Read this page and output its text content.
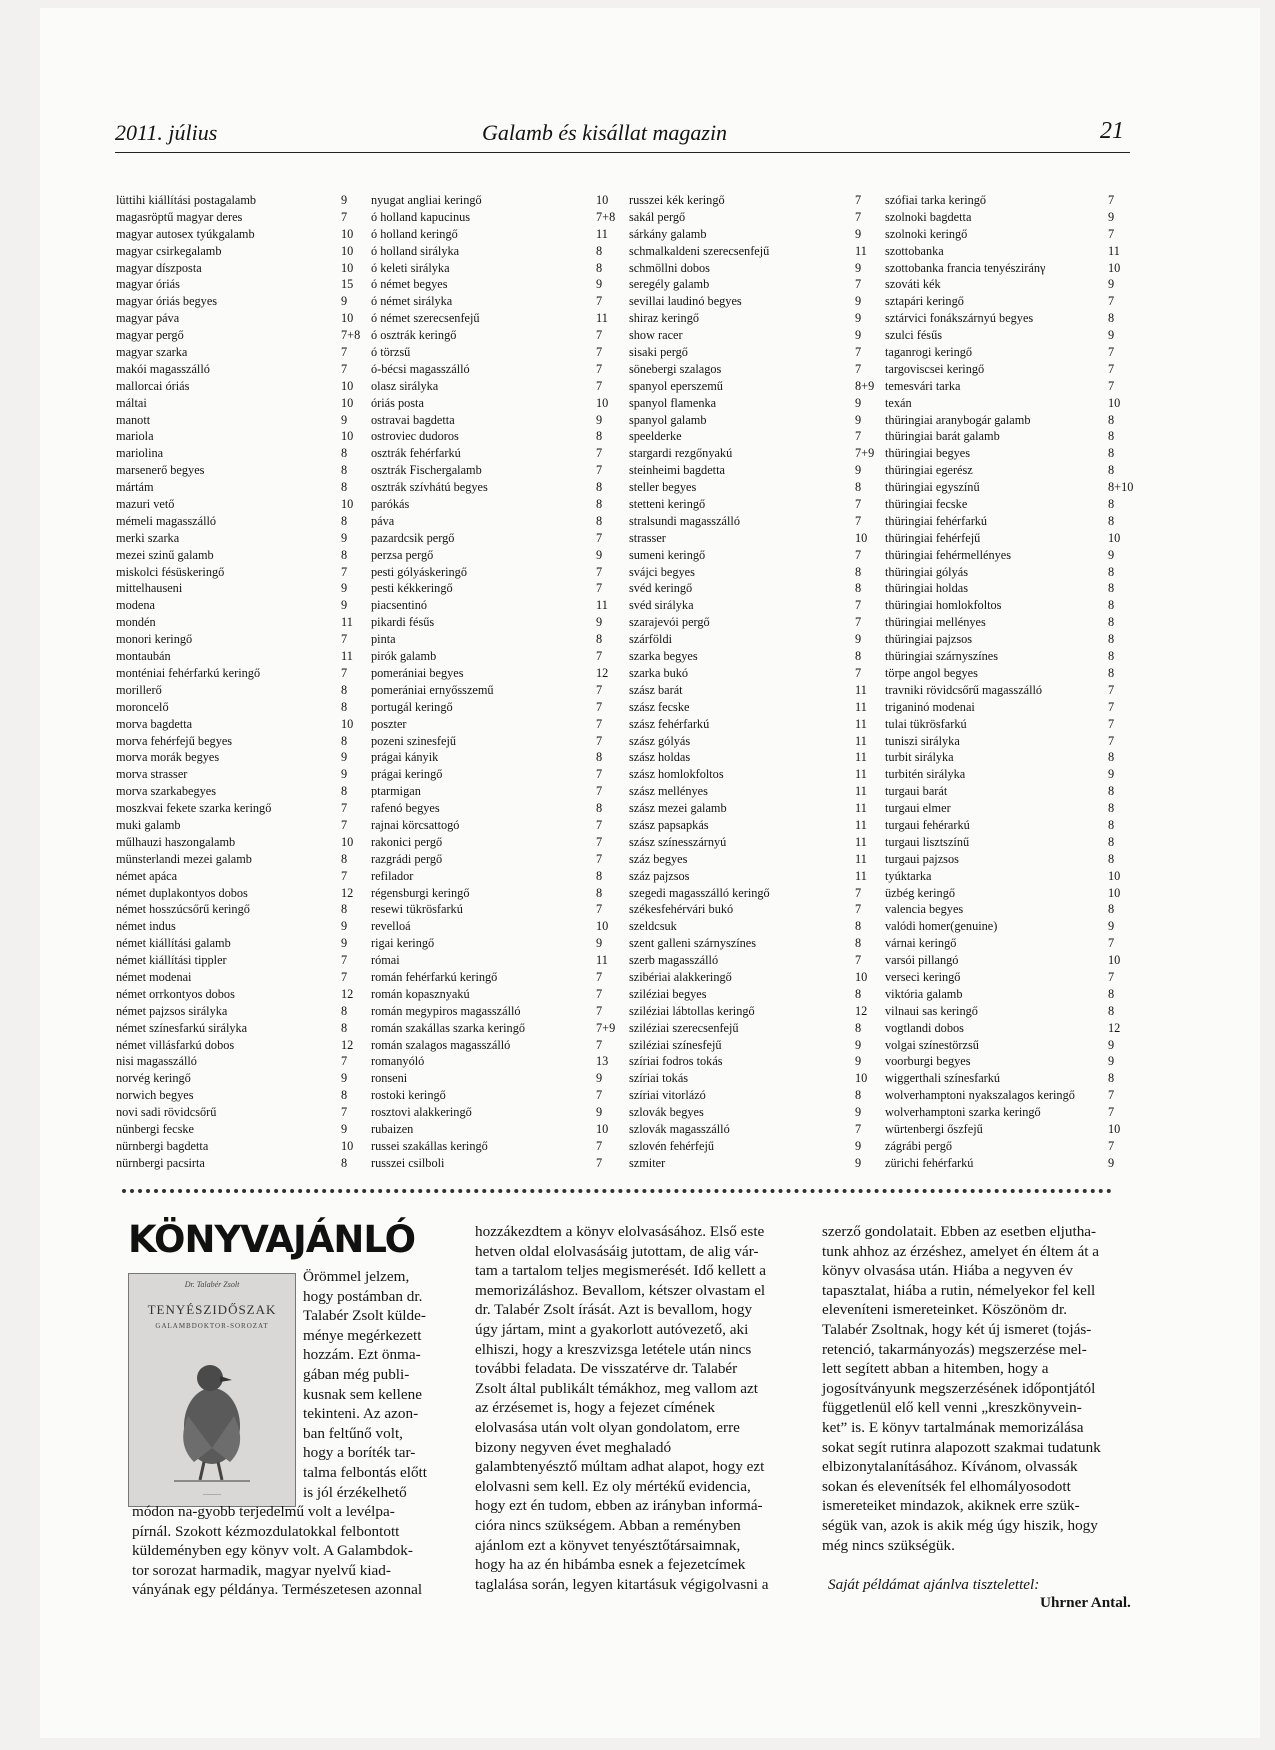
2011. július	Galamb és kisállat magazin	21
lüttihi kiállítási postagalamb	9
magasröptű magyar deres	7
magyar autosex tyúkgalamb	10
magyar csirkegalamb	10
magyar díszposta	10
magyar óriás	15
magyar óriás begyes	9
magyar páva	10
magyar pergő	7+8
magyar szarka	7
makói magasszálló	7
mallorcai óriás	10
máltai	10
manott	9
mariola	10
mariolina	8
marsenerő begyes	8
mártám	8
mazuri vető	10
mémeli magasszálló	8
merki szarka	9
mezei szinű galamb	8
miskolci fésüskeringő	7
mittelhauseni	9
modena	9
mondén	11
monori keringő	7
montaubán	11
monténiai fehérfarkú keringő	7
morillerő	8
moroncelő	8
morva bagdetta	10
morva fehérfejű begyes	8
morva morák begyes	9
morva strasser	9
morva szarkabegyes	8
moszkvai fekete szarka keringő	7
muki galamb	7
műlhauzi haszongalamb	10
münsterlandi mezei galamb	8
német apáca	7
német duplakontyos dobos	12
német hosszúcsőrű keringő	8
német indus	9
német kiállítási galamb	9
német kiállítási tippler	7
német modenai	7
német orrkontyos dobos	12
német pajzsos sirályka	8
német színesfarkú sirályka	8
német villásfarkú dobos	12
nisi magasszálló	7
norvég keringő	9
norwich begyes	8
novi sadi rövidcsőrű	7
nünbergi fecske	9
nürnbergi bagdetta	10
nürnbergi pacsirta	8
nyugat angliai keringő	10
ó holland kapucinus	7+8
ó holland keringő	11
ó holland sirályka	8
ó keleti sirályka	8
ó német begyes	9
ó német sirályka	7
ó német szerecsenfejű	11
ó osztrák keringő	7
ó törzsű	7
ó-bécsi magasszálló	7
olasz sirályka	7
óriás posta	10
ostravai bagdetta	9
ostroviec dudoros	8
osztrák fehérfarkú	7
osztrák Fischergalamb	7
osztrák szívhátú begyes	8
parókás	8
páva	8
pazardcsik pergő	7
perzsa pergő	9
pesti gólyáskeringő	7
pesti kékkeringő	7
piacsentinó	11
pikardi fésűs	9
pinta	8
pirók galamb	7
pomerániai begyes	12
pomerániai ernyősszemű	7
portugál keringő	7
poszter	7
pozeni szinesfejű	7
prágai kányik	8
prágai keringő	7
ptarmigan	7
rafenó begyes	8
rajnai körcsattogó	7
rakonici pergő	7
razgrádi pergő	7
refilador	8
régensburgi keringő	8
resewi tükrösfarkú	7
revelloá	10
rigai keringő	9
római	11
román fehérfarkú keringő	7
román kopasznyakú	7
román megypiros magasszálló	7
román szakállas szarka keringő	7+9
román szalagos magasszálló	7
romanyóló	13
ronseni	9
rostoki keringő	7
rosztovi alakkeringő	9
rubaizen	10
russei szakállas keringő	7
russzei csilboli	7
russzei kék keringő	7
sakál pergő	7
sárkány galamb	9
schmalkaldeni szerecsenfejű	11
schmöllni dobos	9
seregély galamb	7
sevillai laudinó begyes	9
shiraz keringő	9
show racer	9
sisaki pergő	7
sönebergi szalagos	7
spanyol eperszemű	8+9
spanyol flamenka	9
spanyol galamb	9
speelderke	7
stargardi rezgőnyakú	7+9
steinheimi bagdetta	9
steller begyes	8
stetteni keringő	7
stralsundi magasszálló	7
strasser	10
sumeni keringő	7
svájci begyes	8
svéd keringő	8
svéd sirályka	7
szarajevói pergő	7
szárföldi	9
szarka begyes	8
szarka bukó	7
szász barát	11
szász fecske	11
szász fehérfarkú	11
szász gólyás	11
szász holdas	11
szász homlokfoltos	11
szász mellényes	11
szász mezei galamb	11
szász papsapkás	11
szász színesszárnyú	11
száz begyes	11
száz pajzsos	11
szegedi magasszálló keringő	7
székesfehérvári bukó	7
szeldcsuk	8
szent galleni szárnyszínes	8
szerb magasszálló	7
szibériai alakkeringő	10
sziléziai begyes	8
sziléziai lábtollas keringő	12
sziléziai szerecsenfejű	8
sziléziai színesfejű	9
szíriai fodros tokás	9
szíriai tokás	10
szíriai vitorlázó	8
szlovák begyes	9
szlovák magasszálló	7
szlovén fehérfejű	9
szmiter	9
szófiai tarka keringő	7
szolnoki bagdetta	9
szolnoki keringő	7
szottobanka	11
szottobanka francia tenyésziránγ	10
szováti kék	9
sztapári keringő	7
sztárvici fonákszárnyú begyes	8
szulci fésűs	9
taganrogi keringő	7
targoviscsei keringő	7
temesvári tarka	7
texán	10
thüringiai aranybogár galamb	8
thüringiai barát galamb	8
thüringiai begyes	8
thüringiai egerész	8
thüringiai egyszínű	8+10
thüringiai fecske	8
thüringiai fehérfarkú	8
thüringiai fehérfejű	10
thüringiai fehérmellényes	9
thüringiai gólyás	8
thüringiai holdas	8
thüringiai homlokfoltos	8
thüringiai mellényes	8
thüringiai pajzsos	8
thüringiai szárnyszínes	8
törpe angol begyes	8
travniki rövidcsőrű magasszálló	7
triganinó modenai	7
tulai tükrösfarkú	7
tuniszi sirályka	7
turbit sirályka	8
turbitén sirályka	9
turgaui barát	8
turgaui elmer	8
turgaui fehérarkú	8
turgaui lisztszínű	8
turgaui pajzsos	8
tyúktarka	10
üzbég keringő	10
valencia begyes	8
valódi homer(genuine)	9
várnai keringő	7
varsói pillangó	10
verseci keringő	7
viktória galamb	8
vilnaui sas keringő	8
vogtlandi dobos	12
volgai színestörzsű	9
voorburgi begyes	9
wiggerthali színesfarkú	8
wolverhamptoni nyakszalagos keringő	7
wolverhamptoni szarka keringő	7
würtenbergi őszfejű	10
zágrábi pergő	7
zürichi fehérfarkú	9
KÖNYVAJÁNLÓ
Dr. Talabér Zsolt
TENYÉSZIDŐSZAK
GALAMBDOKTOR-SOROZAT
———
Örömmel jelzem,
hogy postámban dr.
Talabér Zsolt külde-
ménye megérkezett
hozzám. Ezt önma-
gában még publi-
kusnak sem kellene
tekinteni. Az azon-
ban feltűnő volt,
hogy a boríték tar-
talma felbontás előtt
is jól érzékelhető
módon na-gyobb terjedelmű volt a levélpa-
pírnál. Szokott kézmozdulatokkal felbontott
küldeményben egy könyv volt. A Galambdok-
tor sorozat harmadik, magyar nyelvű kiad-
ványának egy példánya. Természetesen azonnal
hozzákezdtem a könyv elolvasásához. Első este
hetven oldal elolvasásáig jutottam, de alig vár-
tam a tartalom teljes megismerését. Idő kellett a
memorizáláshoz. Bevallom, kétszer olvastam el
dr. Talabér Zsolt írását. Azt is bevallom, hogy
úgy jártam, mint a gyakorlott autóvezető, aki
elhiszi, hogy a kreszvizsga letétele után nincs
további feladata. De visszatérve dr. Talabér
Zsolt által publikált témákhoz, meg vallom azt
az érzésemet is, hogy a fejezet címének
elolvasása után volt olyan gondolatom, erre
bizony negyven évet meghaladó
galambtenyésztő múltam adhat alapot, hogy ezt
elolvasni sem kell. Ez oly mértékű evidencia,
hogy ezt én tudom, ebben az irányban informá-
cióra nincs szükségem. Abban a reményben
ajánlom ezt a könyvet tenyésztőtársaimnak,
hogy ha az én hibámba esnek a fejezetcímek
taglalása során, legyen kitartásuk végigolvasni a
szerző gondolatait. Ebben az esetben eljutha-
tunk ahhoz az érzéshez, amelyet én éltem át a
könyv olvasása után. Hiába a negyven év
tapasztalat, hiába a rutin, némelyekor fel kell
eleveníteni ismereteinket. Köszönöm dr.
Talabér Zsoltnak, hogy két új ismeret (tojás-
retenció, takarmányozás) megszerzése mel-
lett segített abban a hitemben, hogy a
jogosítványunk megszerzésének időpontjától
függetlenül elő kell venni „kreszkönyvein-
ket” is. E könyv tartalmának memorizálása
sokat segít rutinra alapozott szakmai tudatunk
elbizonytalanításához. Kívánom, olvassák
sokan és elevenítsék fel elhomályosodott
ismereteiket mindazok, akiknek erre szük-
ségük van, azok is akik még úgy hiszik, hogy
még nincs szükségük.
Saját példámat ajánlva tisztelettel:
Uhrner Antal.
